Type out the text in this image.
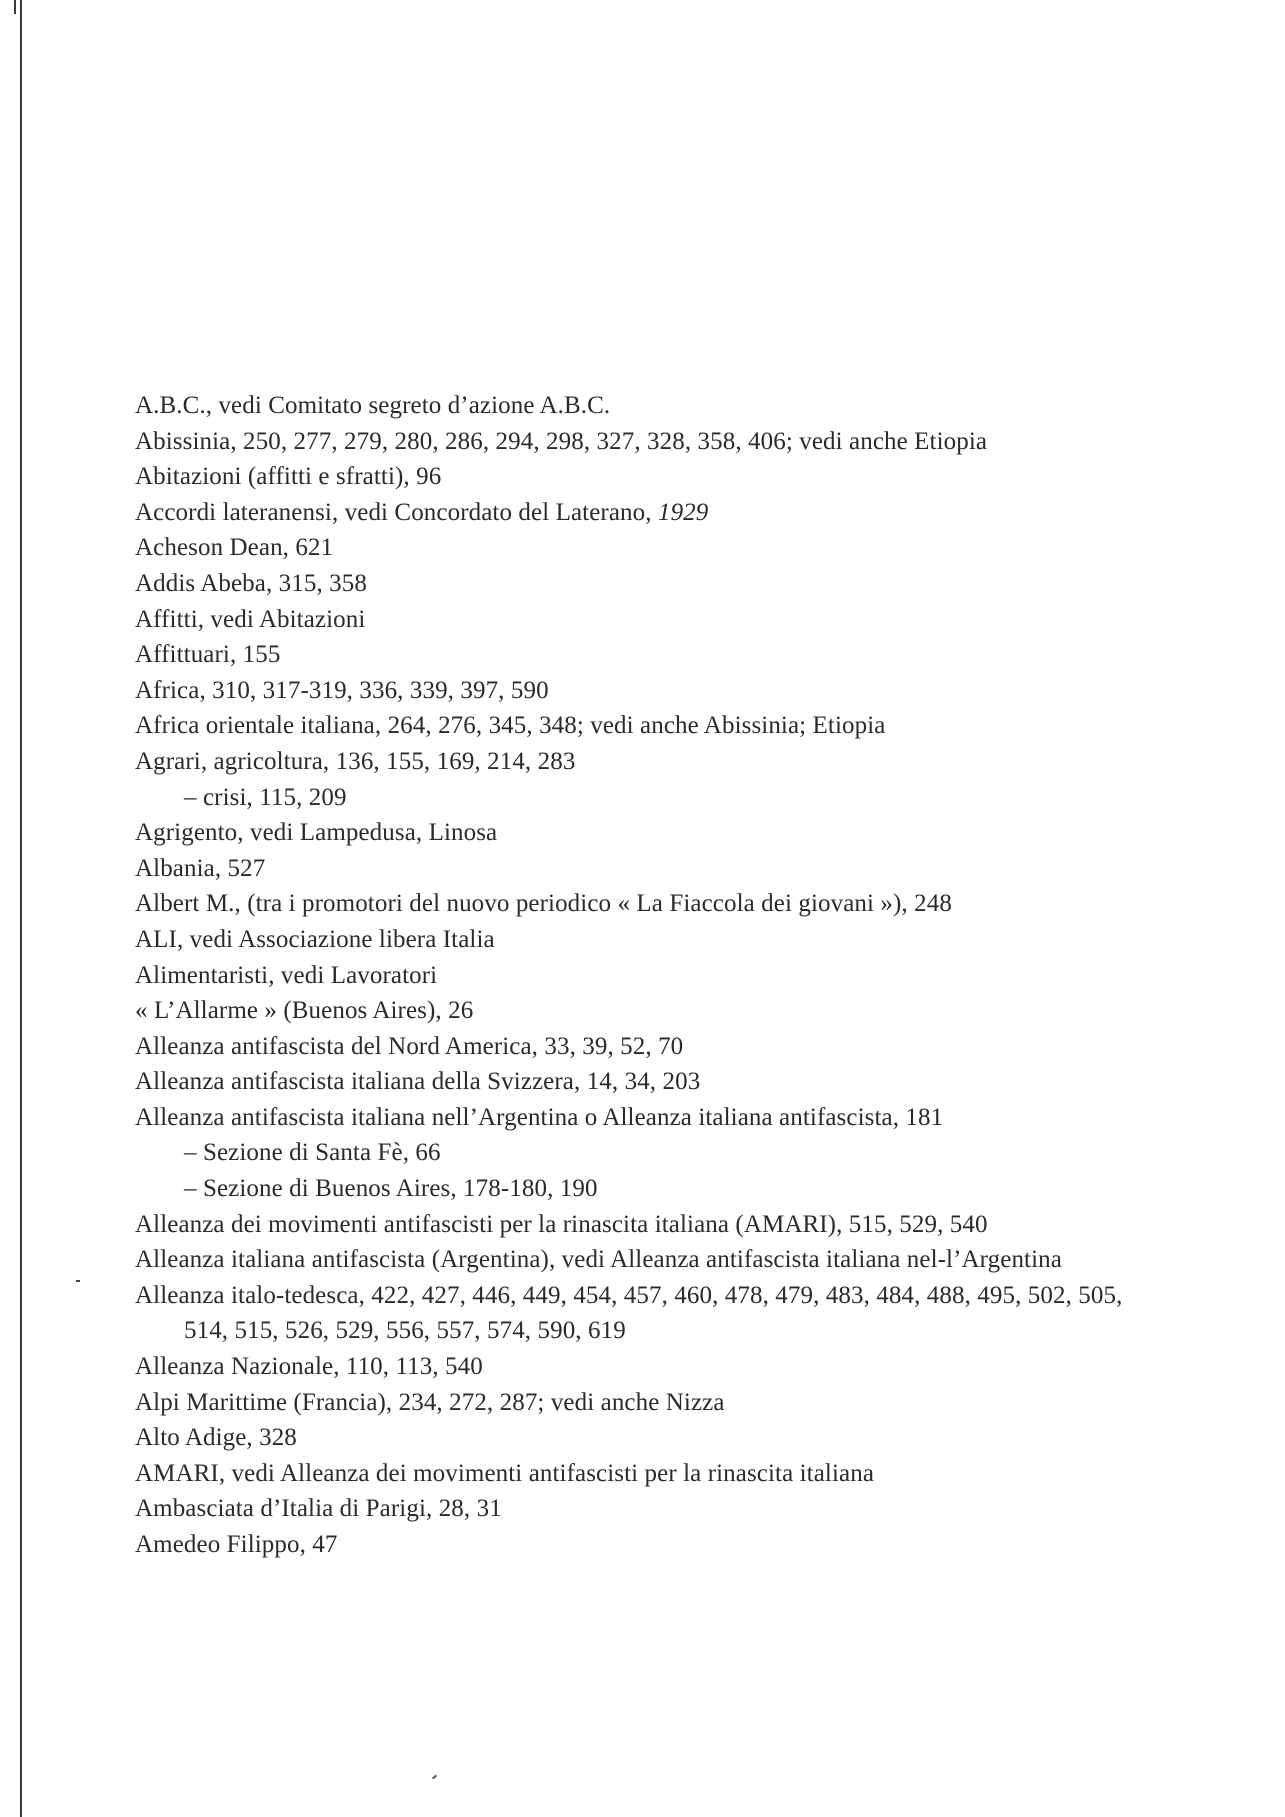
A.B.C., vedi Comitato segreto d’azione A.B.C.

Abissinia, 250, 277, 279, 280, 286, 294, 298, 327, 328, 358, 406; vedi anche Etiopia

Abitazioni (affitti e sfratti), 96

Accordi lateranensi, vedi Concordato del Laterano, 1929

Acheson Dean, 621

Addis Abeba, 315, 358

Affitti, vedi Abitazioni

Affittuari, 155

Africa, 310, 317-319, 336, 339, 397, 590

Africa orientale italiana, 264, 276, 345, 348; vedi anche Abissinia; Etiopia

Agrari, agricoltura, 136, 155, 169, 214, 283

– crisi, 115, 209

Agrigento, vedi Lampedusa, Linosa

Albania, 527

Albert M., (tra i promotori del nuovo periodico « La Fiaccola dei giovani »), 248

ALI, vedi Associazione libera Italia

Alimentaristi, vedi Lavoratori

« L’Allarme » (Buenos Aires), 26

Alleanza antifascista del Nord America, 33, 39, 52, 70

Alleanza antifascista italiana della Svizzera, 14, 34, 203

Alleanza antifascista italiana nell’Argentina o Alleanza italiana antifascista, 181

– Sezione di Santa Fè, 66

– Sezione di Buenos Aires, 178-180, 190

Alleanza dei movimenti antifascisti per la rinascita italiana (AMARI), 515, 529, 540

Alleanza italiana antifascista (Argentina), vedi Alleanza antifascista italiana nel-l’Argentina

Alleanza italo-tedesca, 422, 427, 446, 449, 454, 457, 460, 478, 479, 483, 484, 488, 495, 502, 505, 514, 515, 526, 529, 556, 557, 574, 590, 619

Alleanza Nazionale, 110, 113, 540

Alpi Marittime (Francia), 234, 272, 287; vedi anche Nizza

Alto Adige, 328

AMARI, vedi Alleanza dei movimenti antifascisti per la rinascita italiana

Ambasciata d’Italia di Parigi, 28, 31

Amedeo Filippo, 47
